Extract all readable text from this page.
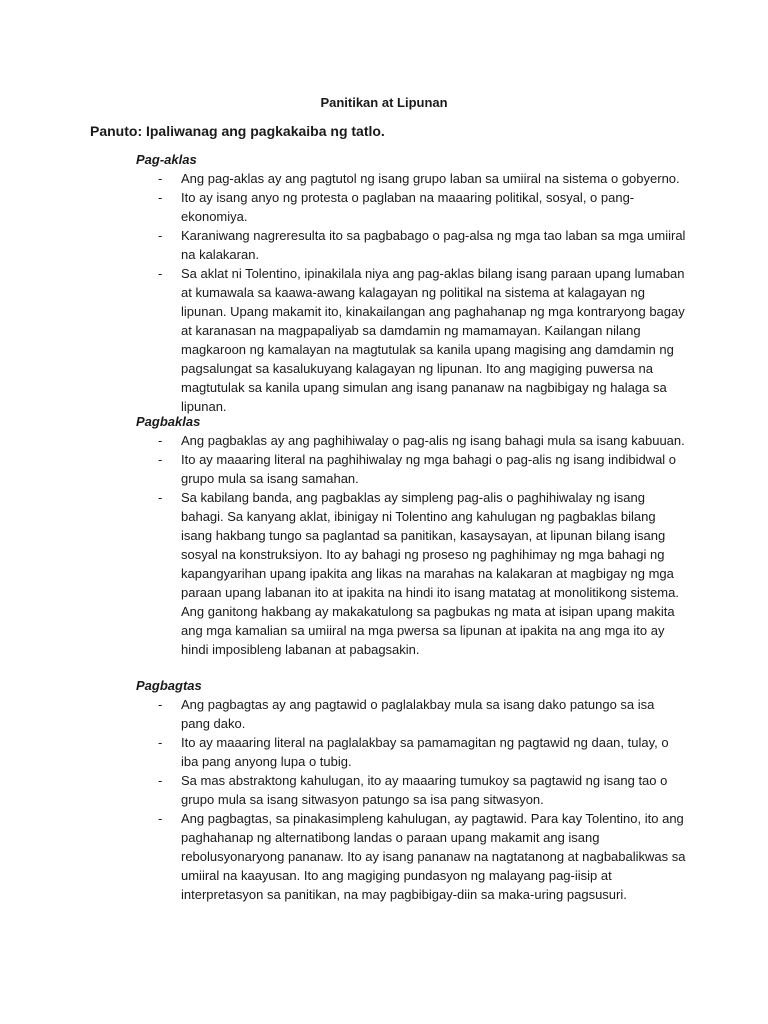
Panitikan at Lipunan
Panuto: Ipaliwanag ang pagkakaiba ng tatlo.
Pag-aklas
- Ang pag-aklas ay ang pagtutol ng isang grupo laban sa umiiral na sistema o gobyerno.
- Ito ay isang anyo ng protesta o paglaban na maaaring politikal, sosyal, o pang-ekonomiya.
- Karaniwang nagreresulta ito sa pagbabago o pag-alsa ng mga tao laban sa mga umiiral na kalakaran.
- Sa aklat ni Tolentino, ipinakilala niya ang pag-aklas bilang isang paraan upang lumaban at kumawala sa kaawa-awang kalagayan ng politikal na sistema at kalagayan ng lipunan. Upang makamit ito, kinakailangan ang paghahanap ng mga kontraryong bagay at karanasan na magpapaliyab sa damdamin ng mamamayan. Kailangan nilang magkaroon ng kamalayan na magtutulak sa kanila upang magising ang damdamin ng pagsalungat sa kasalukuyang kalagayan ng lipunan. Ito ang magiging puwersa na magtutulak sa kanila upang simulan ang isang pananaw na nagbibigay ng halaga sa lipunan.
Pagbaklas
- Ang pagbaklas ay ang paghihiwalay o pag-alis ng isang bahagi mula sa isang kabuuan.
- Ito ay maaaring literal na paghihiwalay ng mga bahagi o pag-alis ng isang indibidwal o grupo mula sa isang samahan.
- Sa kabilang banda, ang pagbaklas ay simpleng pag-alis o paghihiwalay ng isang bahagi. Sa kanyang aklat, ibinigay ni Tolentino ang kahulugan ng pagbaklas bilang isang hakbang tungo sa paglantad sa panitikan, kasaysayan, at lipunan bilang isang sosyal na konstruksiyon. Ito ay bahagi ng proseso ng paghihimay ng mga bahagi ng kapangyarihan upang ipakita ang likas na marahas na kalakaran at magbigay ng mga paraan upang labanan ito at ipakita na hindi ito isang matatag at monolitikong sistema. Ang ganitong hakbang ay makakatulong sa pagbukas ng mata at isipan upang makita ang mga kamalian sa umiiral na mga pwersa sa lipunan at ipakita na ang mga ito ay hindi imposibleng labanan at pabagsakin.
Pagbagtas
- Ang pagbagtas ay ang pagtawid o paglalakbay mula sa isang dako patungo sa isa pang dako.
- Ito ay maaaring literal na paglalakbay sa pamamagitan ng pagtawid ng daan, tulay, o iba pang anyong lupa o tubig.
- Sa mas abstraktong kahulugan, ito ay maaaring tumukoy sa pagtawid ng isang tao o grupo mula sa isang sitwasyon patungo sa isa pang sitwasyon.
- Ang pagbagtas, sa pinakasimpleng kahulugan, ay pagtawid. Para kay Tolentino, ito ang paghahanap ng alternatibong landas o paraan upang makamit ang isang rebolusyonaryong pananaw. Ito ay isang pananaw na nagtatanong at nagbabalikwas sa umiiral na kaayusan. Ito ang magiging pundasyon ng malayang pag-iisip at interpretasyon sa panitikan, na may pagbibigay-diin sa maka-uring pagsusuri.
